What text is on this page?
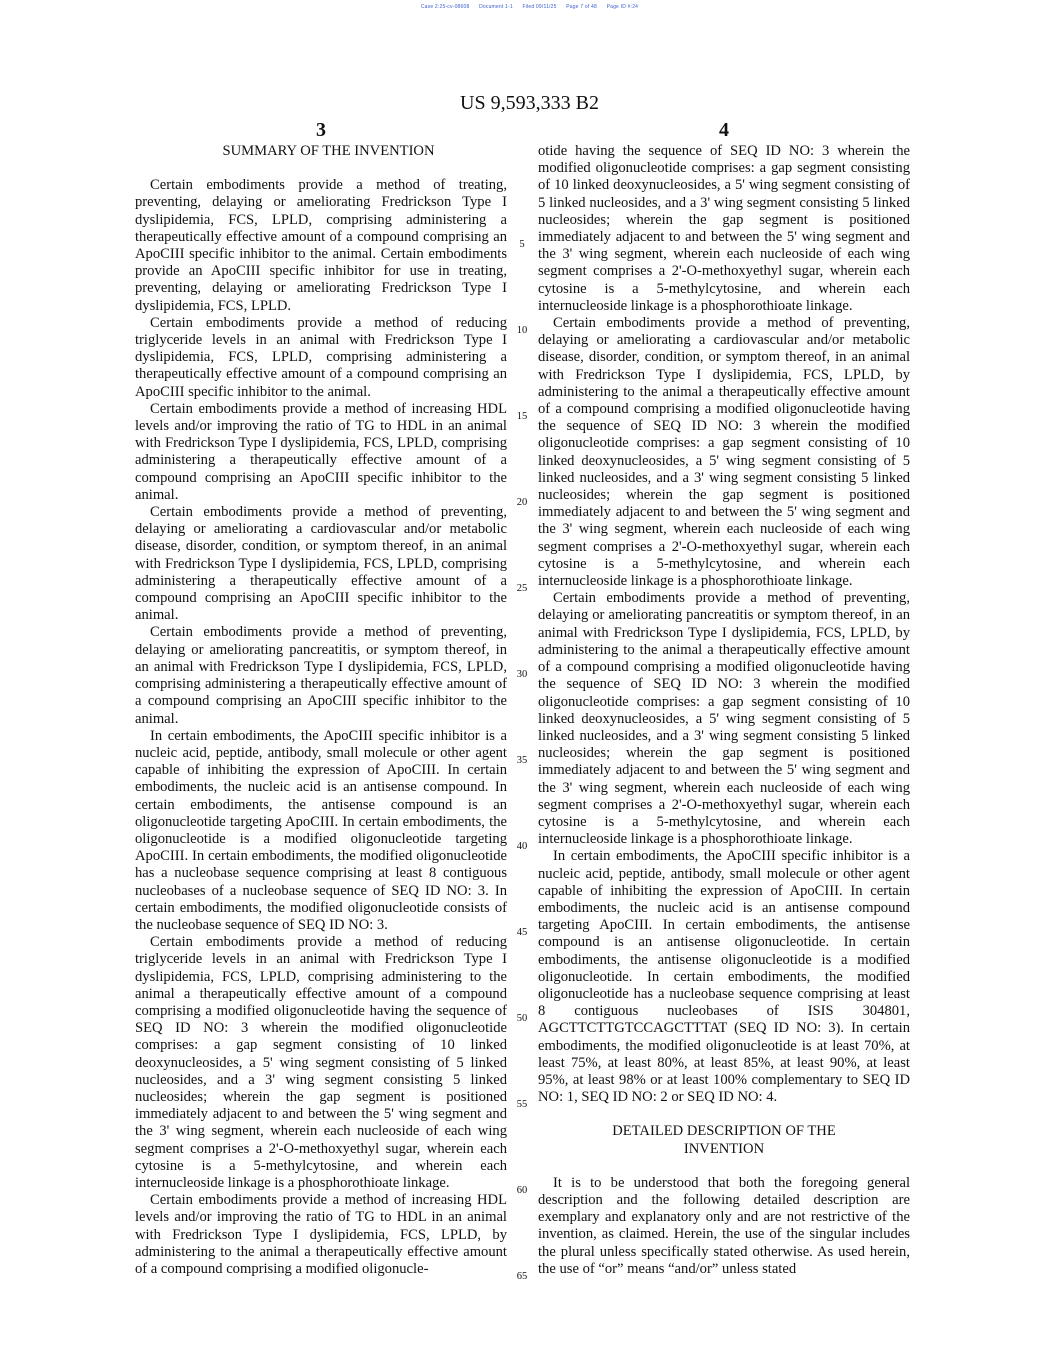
Case 2:25-cv-08608 Document 1-1 Filed 09/11/25 Page 7 of 48 Page ID #:24
US 9,593,333 B2
3	4

SUMMARY OF THE INVENTION

Certain embodiments provide a method of treating, preventing, delaying or ameliorating Fredrickson Type I dyslipidemia, FCS, LPLD, comprising administering a therapeutically effective amount of a compound comprising an ApoCIII specific inhibitor to the animal. Certain embodiments provide an ApoCIII specific inhibitor for use in treating, preventing, delaying or ameliorating Fredrickson Type I dyslipidemia, FCS, LPLD.

Certain embodiments provide a method of reducing triglyceride levels in an animal with Fredrickson Type I dyslipidemia, FCS, LPLD, comprising administering a therapeutically effective amount of a compound comprising an ApoCIII specific inhibitor to the animal.

Certain embodiments provide a method of increasing HDL levels and/or improving the ratio of TG to HDL in an animal with Fredrickson Type I dyslipidemia, FCS, LPLD, comprising administering a therapeutically effective amount of a compound comprising an ApoCIII specific inhibitor to the animal.

Certain embodiments provide a method of preventing, delaying or ameliorating a cardiovascular and/or metabolic disease, disorder, condition, or symptom thereof, in an animal with Fredrickson Type I dyslipidemia, FCS, LPLD, comprising administering a therapeutically effective amount of a compound comprising an ApoCIII specific inhibitor to the animal.

Certain embodiments provide a method of preventing, delaying or ameliorating pancreatitis, or symptom thereof, in an animal with Fredrickson Type I dyslipidemia, FCS, LPLD, comprising administering a therapeutically effective amount of a compound comprising an ApoCIII specific inhibitor to the animal.

In certain embodiments, the ApoCIII specific inhibitor is a nucleic acid, peptide, antibody, small molecule or other agent capable of inhibiting the expression of ApoCIII. In certain embodiments, the nucleic acid is an antisense compound. In certain embodiments, the antisense compound is an oligonucleotide targeting ApoCIII. In certain embodiments, the oligonucleotide is a modified oligonucleotide targeting ApoCIII. In certain embodiments, the modified oligonucleotide has a nucleobase sequence comprising at least 8 contiguous nucleobases of a nucleobase sequence of SEQ ID NO: 3. In certain embodiments, the modified oligonucleotide consists of the nucleobase sequence of SEQ ID NO: 3.

Certain embodiments provide a method of reducing triglyceride levels in an animal with Fredrickson Type I dyslipidemia, FCS, LPLD, comprising administering to the animal a therapeutically effective amount of a compound comprising a modified oligonucleotide having the sequence of SEQ ID NO: 3 wherein the modified oligonucleotide comprises: a gap segment consisting of 10 linked deoxynucleosides, a 5' wing segment consisting of 5 linked nucleosides, and a 3' wing segment consisting 5 linked nucleosides; wherein the gap segment is positioned immediately adjacent to and between the 5' wing segment and the 3' wing segment, wherein each nucleoside of each wing segment comprises a 2'-O-methoxyethyl sugar, wherein each cytosine is a 5-methylcytosine, and wherein each internucleoside linkage is a phosphorothioate linkage.

Certain embodiments provide a method of increasing HDL levels and/or improving the ratio of TG to HDL in an animal with Fredrickson Type I dyslipidemia, FCS, LPLD, by administering to the animal a therapeutically effective amount of a compound comprising a modified oligonucle-

5
10
15
20
25
30
35
40
45
50
55
60
65

otide having the sequence of SEQ ID NO: 3 wherein the modified oligonucleotide comprises: a gap segment consisting of 10 linked deoxynucleosides, a 5' wing segment consisting of 5 linked nucleosides, and a 3' wing segment consisting 5 linked nucleosides; wherein the gap segment is positioned immediately adjacent to and between the 5' wing segment and the 3' wing segment, wherein each nucleoside of each wing segment comprises a 2'-O-methoxyethyl sugar, wherein each cytosine is a 5-methylcytosine, and wherein each internucleoside linkage is a phosphorothioate linkage.

Certain embodiments provide a method of preventing, delaying or ameliorating a cardiovascular and/or metabolic disease, disorder, condition, or symptom thereof, in an animal with Fredrickson Type I dyslipidemia, FCS, LPLD, by administering to the animal a therapeutically effective amount of a compound comprising a modified oligonucleotide having the sequence of SEQ ID NO: 3 wherein the modified oligonucleotide comprises: a gap segment consisting of 10 linked deoxynucleosides, a 5' wing segment consisting of 5 linked nucleosides, and a 3' wing segment consisting 5 linked nucleosides; wherein the gap segment is positioned immediately adjacent to and between the 5' wing segment and the 3' wing segment, wherein each nucleoside of each wing segment comprises a 2'-O-methoxyethyl sugar, wherein each cytosine is a 5-methylcytosine, and wherein each internucleoside linkage is a phosphorothioate linkage.

Certain embodiments provide a method of preventing, delaying or ameliorating pancreatitis or symptom thereof, in an animal with Fredrickson Type I dyslipidemia, FCS, LPLD, by administering to the animal a therapeutically effective amount of a compound comprising a modified oligonucleotide having the sequence of SEQ ID NO: 3 wherein the modified oligonucleotide comprises: a gap segment consisting of 10 linked deoxynucleosides, a 5' wing segment consisting of 5 linked nucleosides, and a 3' wing segment consisting 5 linked nucleosides; wherein the gap segment is positioned immediately adjacent to and between the 5' wing segment and the 3' wing segment, wherein each nucleoside of each wing segment comprises a 2'-O-methoxyethyl sugar, wherein each cytosine is a 5-methylcytosine, and wherein each internucleoside linkage is a phosphorothioate linkage.

In certain embodiments, the ApoCIII specific inhibitor is a nucleic acid, peptide, antibody, small molecule or other agent capable of inhibiting the expression of ApoCIII. In certain embodiments, the nucleic acid is an antisense compound targeting ApoCIII. In certain embodiments, the antisense compound is an antisense oligonucleotide. In certain embodiments, the antisense oligonucleotide is a modified oligonucleotide. In certain embodiments, the modified oligonucleotide has a nucleobase sequence comprising at least 8 contiguous nucleobases of ISIS 304801, AGCTTCTTGTCCAGCTTTAT (SEQ ID NO: 3). In certain embodiments, the modified oligonucleotide is at least 70%, at least 75%, at least 80%, at least 85%, at least 90%, at least 95%, at least 98% or at least 100% complementary to SEQ ID NO: 1, SEQ ID NO: 2 or SEQ ID NO: 4.

DETAILED DESCRIPTION OF THE
INVENTION

It is to be understood that both the foregoing general description and the following detailed description are exemplary and explanatory only and are not restrictive of the invention, as claimed. Herein, the use of the singular includes the plural unless specifically stated otherwise. As used herein, the use of “or” means “and/or” unless stated
